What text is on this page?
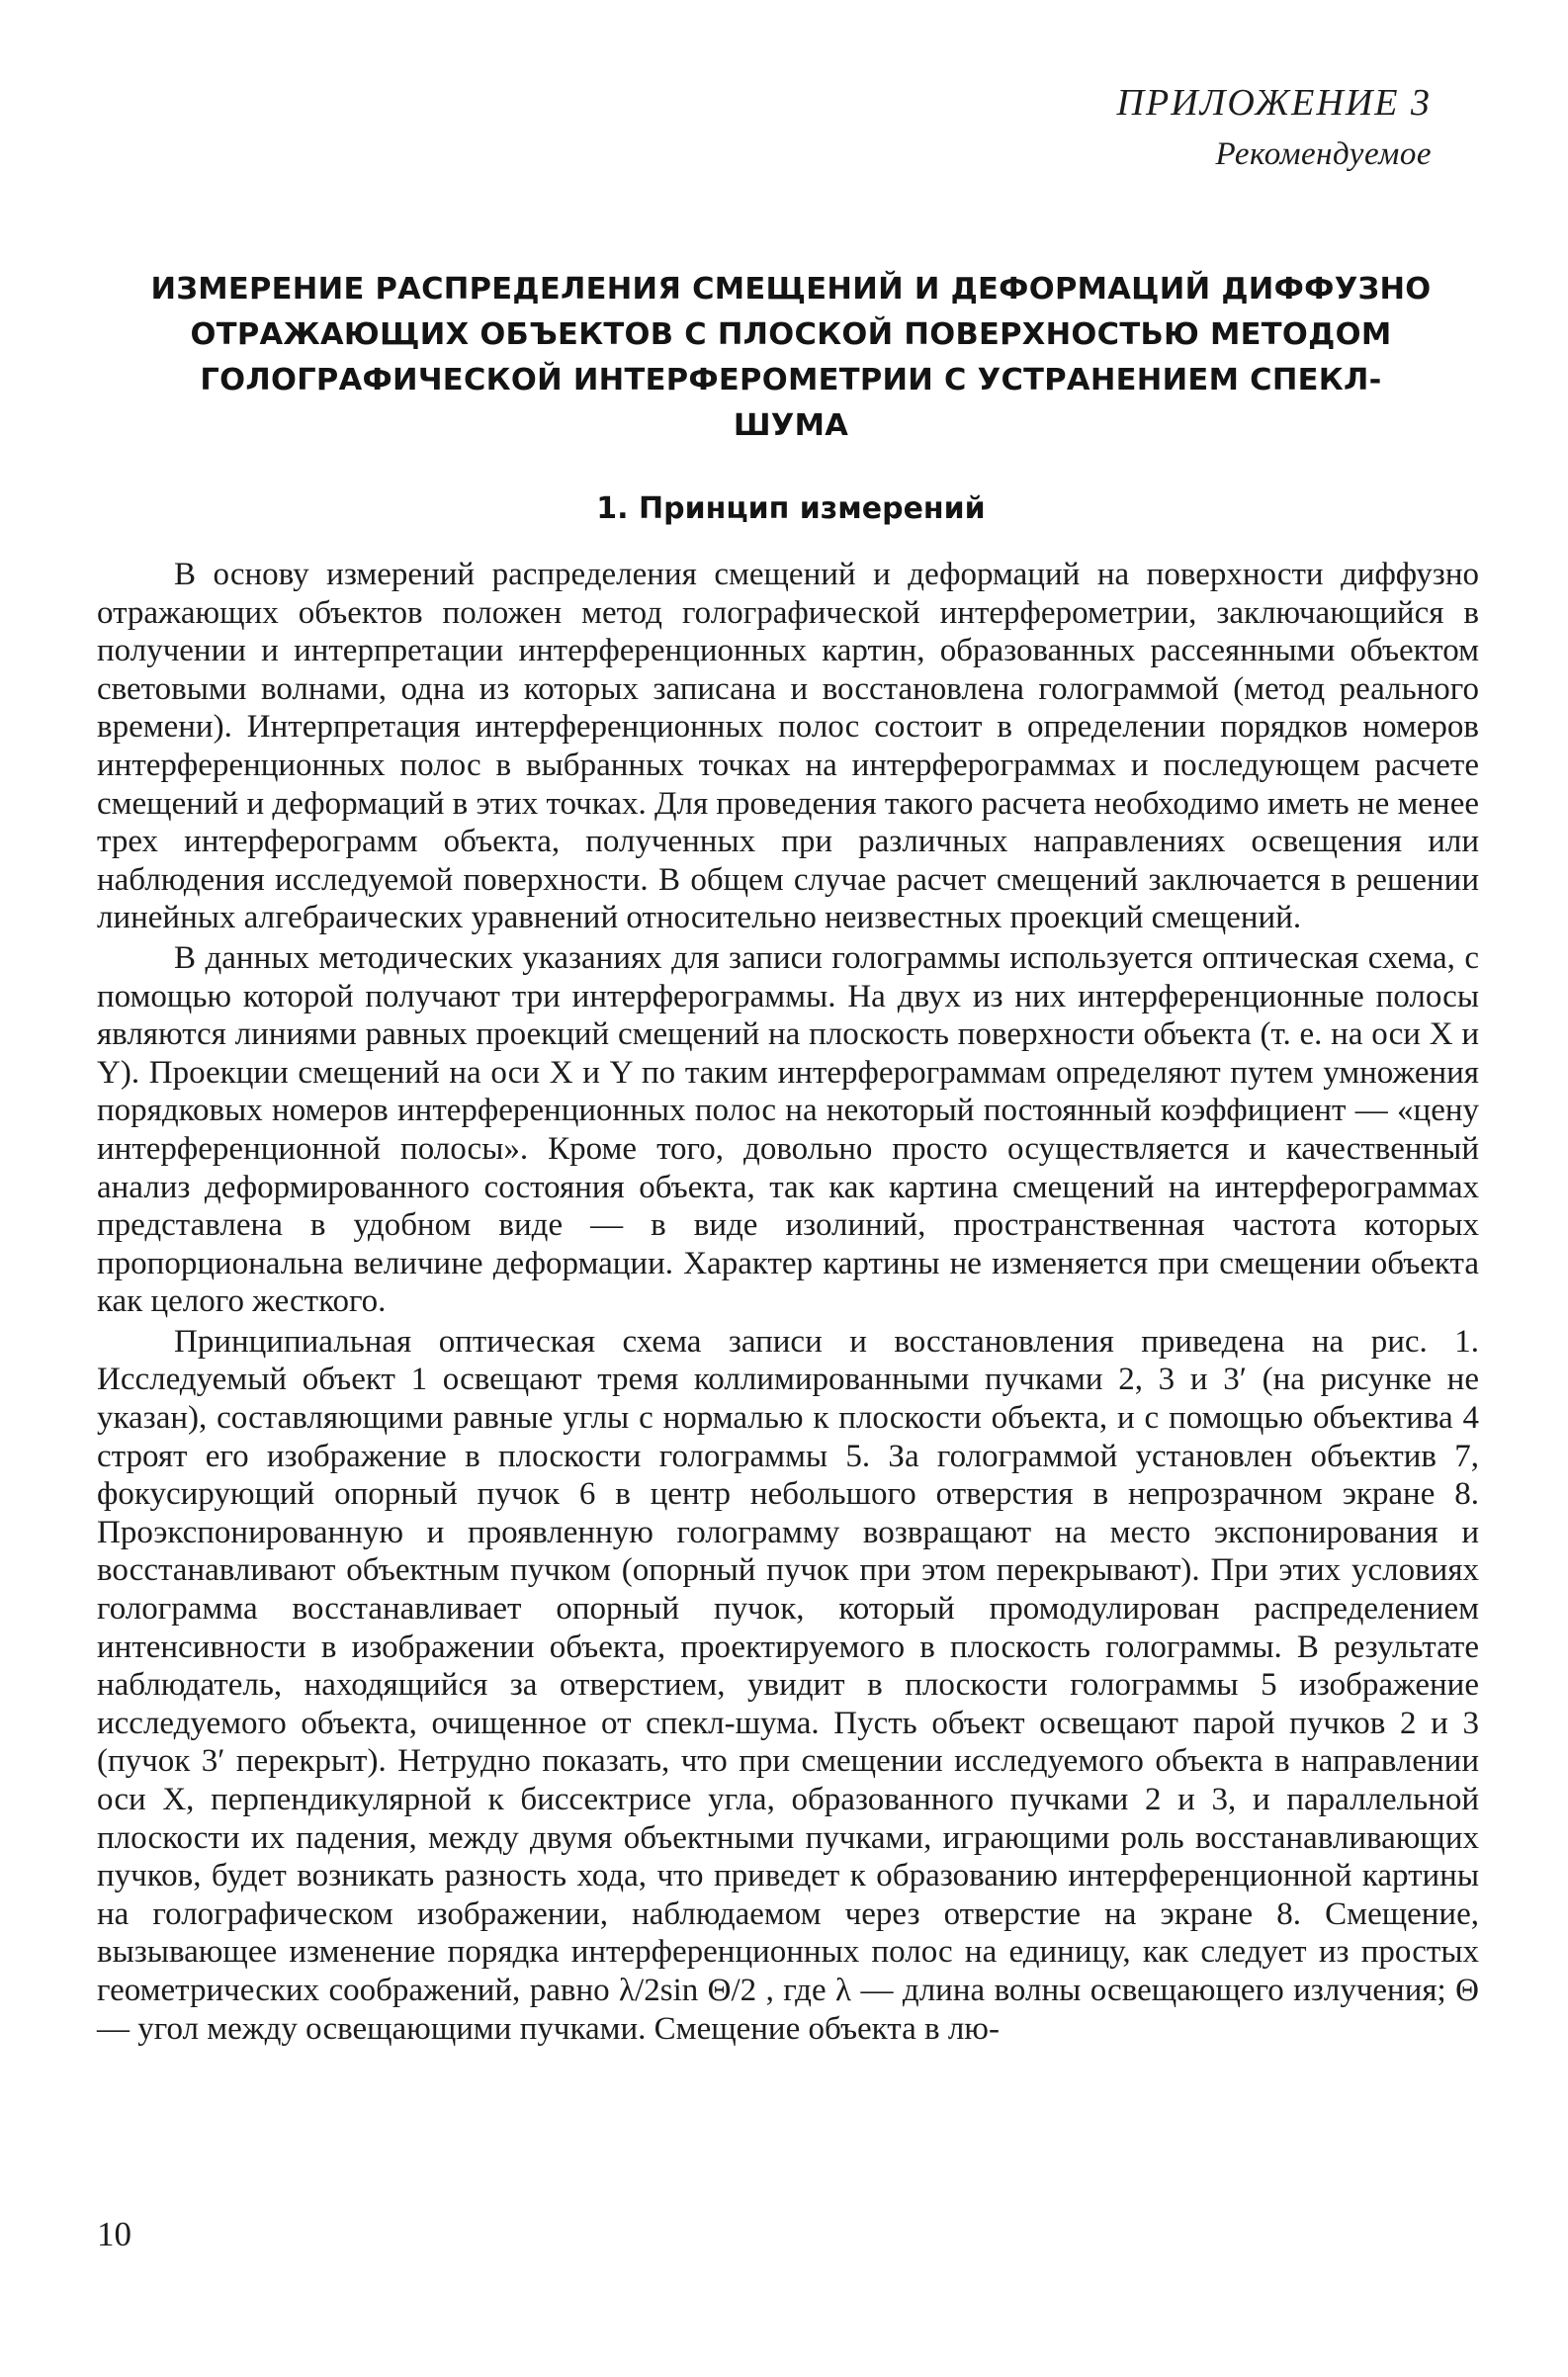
ПРИЛОЖЕНИЕ 3
Рекомендуемое
ИЗМЕРЕНИЕ РАСПРЕДЕЛЕНИЯ СМЕЩЕНИЙ И ДЕФОРМАЦИЙ ДИФФУЗНО ОТРАЖАЮЩИХ ОБЪЕКТОВ С ПЛОСКОЙ ПОВЕРХНОСТЬЮ МЕТОДОМ ГОЛОГРАФИЧЕСКОЙ ИНТЕРФЕРОМЕТРИИ С УСТРАНЕНИЕМ СПЕКЛ-ШУМА
1. Принцип измерений

В основу измерений распределения смещений и деформаций на поверхности диффузно отражающих объектов положен метод голографической интерферометрии, заключающийся в получении и интерпретации интерференционных картин, образованных рассеянными объектом световыми волнами, одна из которых записана и восстановлена голограммой (метод реального времени). Интерпретация интерференционных полос состоит в определении порядков номеров интерференционных полос в выбранных точках на интерферограммах и последующем расчете смещений и деформаций в этих точках. Для проведения такого расчета необходимо иметь не менее трех интерферограмм объекта, полученных при различных направлениях освещения или наблюдения исследуемой поверхности. В общем случае расчет смещений заключается в решении линейных алгебраических уравнений относительно неизвестных проекций смещений.

В данных методических указаниях для записи голограммы используется оптическая схема, с помощью которой получают три интерферограммы. На двух из них интерференционные полосы являются линиями равных проекций смещений на плоскость поверхности объекта (т. е. на оси X и Y). Проекции смещений на оси X и Y по таким интерферограммам определяют путем умножения порядковых номеров интерференционных полос на некоторый постоянный коэффициент — «цену интерференционной полосы». Кроме того, довольно просто осуществляется и качественный анализ деформированного состояния объекта, так как картина смещений на интерферограммах представлена в удобном виде — в виде изолиний, пространственная частота которых пропорциональна величине деформации. Характер картины не изменяется при смещении объекта как целого жесткого.

Принципиальная оптическая схема записи и восстановления приведена на рис. 1. Исследуемый объект 1 освещают тремя коллимированными пучками 2, 3 и 3′ (на рисунке не указан), составляющими равные углы с нормалью к плоскости объекта, и с помощью объектива 4 строят его изображение в плоскости голограммы 5. За голограммой установлен объектив 7, фокусирующий опорный пучок 6 в центр небольшого отверстия в непрозрачном экране 8. Проэкспонированную и проявленную голограмму возвращают на место экспонирования и восстанавливают объектным пучком (опорный пучок при этом перекрывают). При этих условиях голограмма восстанавливает опорный пучок, который промодулирован распределением интенсивности в изображении объекта, проектируемого в плоскость голограммы. В результате наблюдатель, находящийся за отверстием, увидит в плоскости голограммы 5 изображение исследуемого объекта, очищенное от спекл-шума. Пусть объект освещают парой пучков 2 и 3 (пучок 3′ перекрыт). Нетрудно показать, что при смещении исследуемого объекта в направлении оси X, перпендикулярной к биссектрисе угла, образованного пучками 2 и 3, и параллельной плоскости их падения, между двумя объектными пучками, играющими роль восстанавливающих пучков, будет возникать разность хода, что приведет к образованию интерференционной картины на голографическом изображении, наблюдаемом через отверстие на экране 8. Смещение, вызывающее изменение порядка интерференционных полос на единицу, как следует из простых геометрических соображений, равно λ/2sin Θ/2 , где λ — длина волны освещающего излучения; Θ — угол между освещающими пучками. Смещение объекта в лю-

10
